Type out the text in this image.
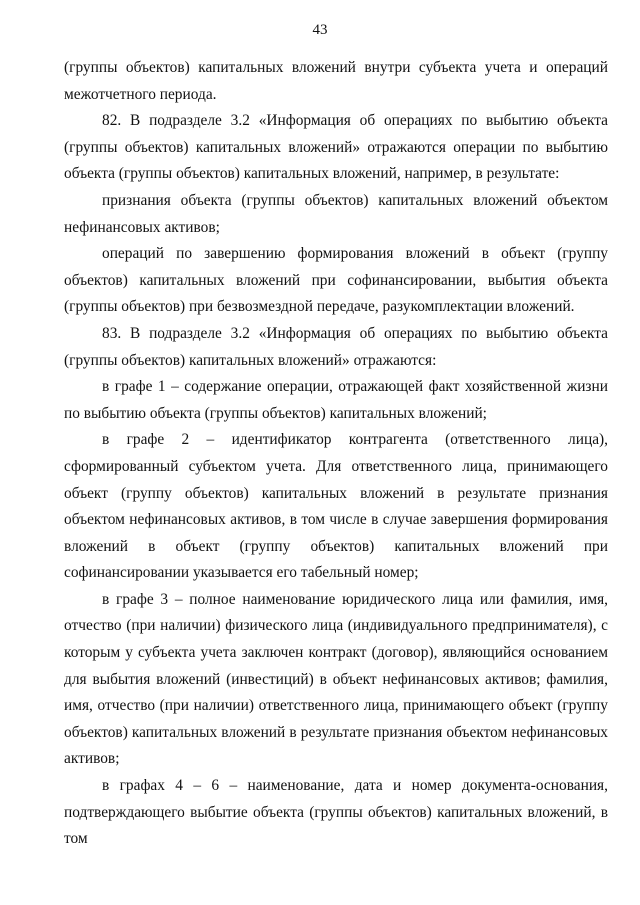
43

(группы объектов) капитальных вложений внутри субъекта учета и операций межотчетного периода.

82. В подразделе 3.2 «Информация об операциях по выбытию объекта (группы объектов) капитальных вложений» отражаются операции по выбытию объекта (группы объектов) капитальных вложений, например, в результате:

признания объекта (группы объектов) капитальных вложений объектом нефинансовых активов;

операций по завершению формирования вложений в объект (группу объектов) капитальных вложений при софинансировании, выбытия объекта (группы объектов) при безвозмездной передаче, разукомплектации вложений.

83. В подразделе 3.2 «Информация об операциях по выбытию объекта (группы объектов) капитальных вложений» отражаются:

в графе 1 – содержание операции, отражающей факт хозяйственной жизни по выбытию объекта (группы объектов) капитальных вложений;

в графе 2 – идентификатор контрагента (ответственного лица), сформированный субъектом учета. Для ответственного лица, принимающего объект (группу объектов) капитальных вложений в результате признания объектом нефинансовых активов, в том числе в случае завершения формирования вложений в объект (группу объектов) капитальных вложений при софинансировании указывается его табельный номер;

в графе 3 – полное наименование юридического лица или фамилия, имя, отчество (при наличии) физического лица (индивидуального предпринимателя), с которым у субъекта учета заключен контракт (договор), являющийся основанием для выбытия вложений (инвестиций) в объект нефинансовых активов; фамилия, имя, отчество (при наличии) ответственного лица, принимающего объект (группу объектов) капитальных вложений в результате признания объектом нефинансовых активов;

в графах 4 – 6 – наименование, дата и номер документа-основания, подтверждающего выбытие объекта (группы объектов) капитальных вложений, в том
